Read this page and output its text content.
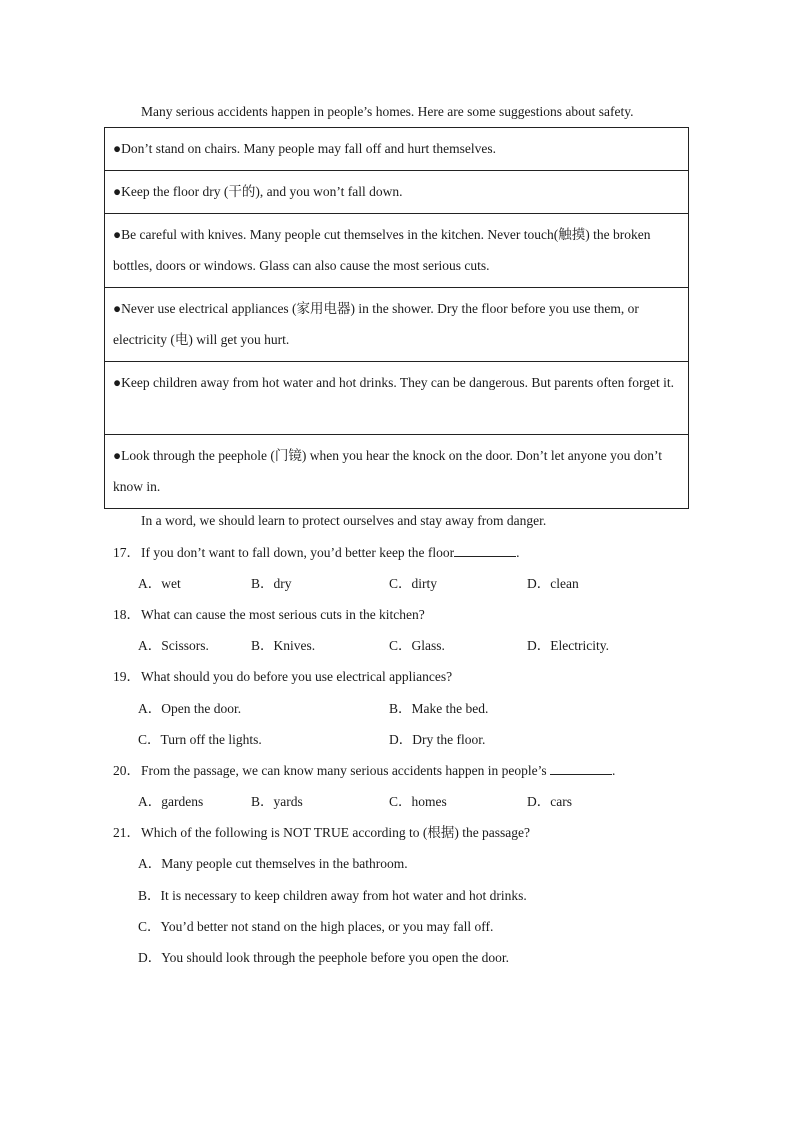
Many serious accidents happen in people’s homes. Here are some suggestions about safety.
●Don’t stand on chairs. Many people may fall off and hurt themselves.
●Keep the floor dry (干的), and you won’t fall down.
●Be careful with knives. Many people cut themselves in the kitchen. Never touch(触摸) the broken bottles, doors or windows. Glass can also cause the most serious cuts.
●Never use electrical appliances (家用电器) in the shower. Dry the floor before you use them, or electricity (电) will get you hurt.
●Keep children away from hot water and hot drinks. They can be dangerous. But parents often forget it.
●Look through the peephole (门镜) when you hear the knock on the door. Don’t let anyone you don’t know in.
In a word, we should learn to protect ourselves and stay away from danger.
17．If you don’t want to fall down, you’d better keep the floor	.
A．wet	B．dry	C．dirty	D．clean
18．What can cause the most serious cuts in the kitchen?
A．Scissors.	B．Knives.	C．Glass.	D．Electricity.
19．What should you do before you use electrical appliances?
A．Open the door.	B．Make the bed.
C．Turn off the lights.	D．Dry the floor.
20．From the passage, we can know many serious accidents happen in people’s	.
A．gardens	B．yards	C．homes	D．cars
21．Which of the following is NOT TRUE according to (根据) the passage?
A．Many people cut themselves in the bathroom.
B．It is necessary to keep children away from hot water and hot drinks.
C．You’d better not stand on the high places, or you may fall off.
D．You should look through the peephole before you open the door.
